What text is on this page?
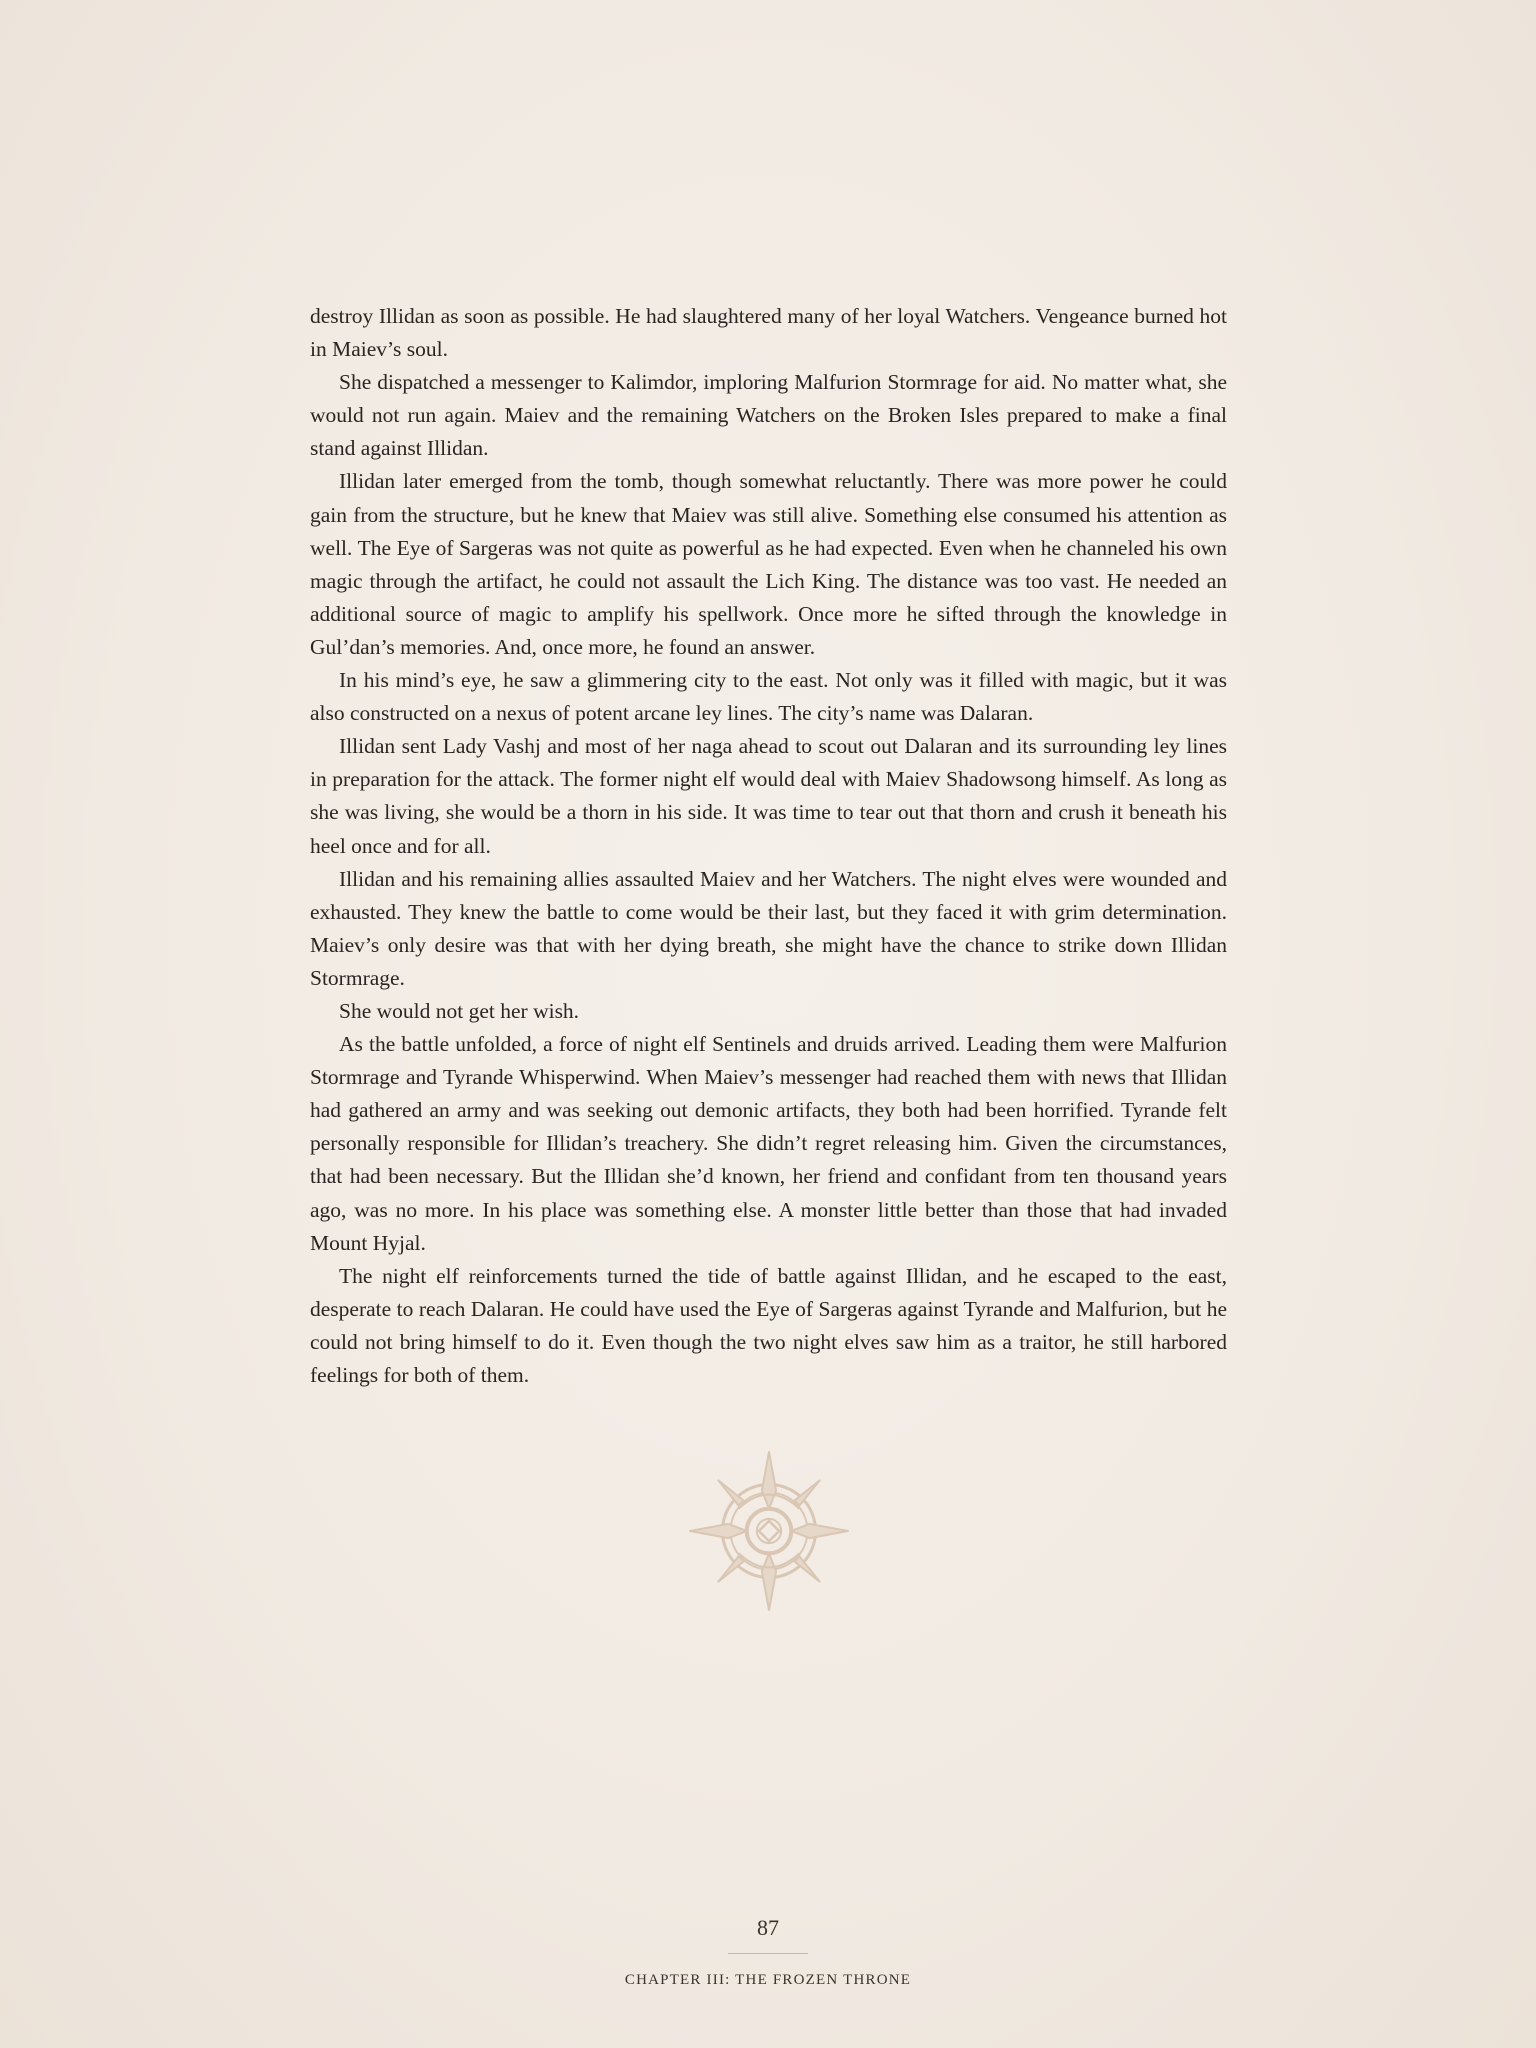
destroy Illidan as soon as possible. He had slaughtered many of her loyal Watchers. Vengeance burned hot in Maiev’s soul.

She dispatched a messenger to Kalimdor, imploring Malfurion Stormrage for aid. No matter what, she would not run again. Maiev and the remaining Watchers on the Broken Isles prepared to make a final stand against Illidan.

Illidan later emerged from the tomb, though somewhat reluctantly. There was more power he could gain from the structure, but he knew that Maiev was still alive. Something else consumed his attention as well. The Eye of Sargeras was not quite as powerful as he had expected. Even when he channeled his own magic through the artifact, he could not assault the Lich King. The distance was too vast. He needed an additional source of magic to amplify his spellwork. Once more he sifted through the knowledge in Gul’dan’s memories. And, once more, he found an answer.

In his mind’s eye, he saw a glimmering city to the east. Not only was it filled with magic, but it was also constructed on a nexus of potent arcane ley lines. The city’s name was Dalaran.

Illidan sent Lady Vashj and most of her naga ahead to scout out Dalaran and its surrounding ley lines in preparation for the attack. The former night elf would deal with Maiev Shadowsong himself. As long as she was living, she would be a thorn in his side. It was time to tear out that thorn and crush it beneath his heel once and for all.

Illidan and his remaining allies assaulted Maiev and her Watchers. The night elves were wounded and exhausted. They knew the battle to come would be their last, but they faced it with grim determination. Maiev’s only desire was that with her dying breath, she might have the chance to strike down Illidan Stormrage.

She would not get her wish.

As the battle unfolded, a force of night elf Sentinels and druids arrived. Leading them were Malfurion Stormrage and Tyrande Whisperwind. When Maiev’s messenger had reached them with news that Illidan had gathered an army and was seeking out demonic artifacts, they both had been horrified. Tyrande felt personally responsible for Illidan’s treachery. She didn’t regret releasing him. Given the circumstances, that had been necessary. But the Illidan she’d known, her friend and confidant from ten thousand years ago, was no more. In his place was something else. A monster little better than those that had invaded Mount Hyjal.

The night elf reinforcements turned the tide of battle against Illidan, and he escaped to the east, desperate to reach Dalaran. He could have used the Eye of Sargeras against Tyrande and Malfurion, but he could not bring himself to do it. Even though the two night elves saw him as a traitor, he still harbored feelings for both of them.

87
CHAPTER III: THE FROZEN THRONE
